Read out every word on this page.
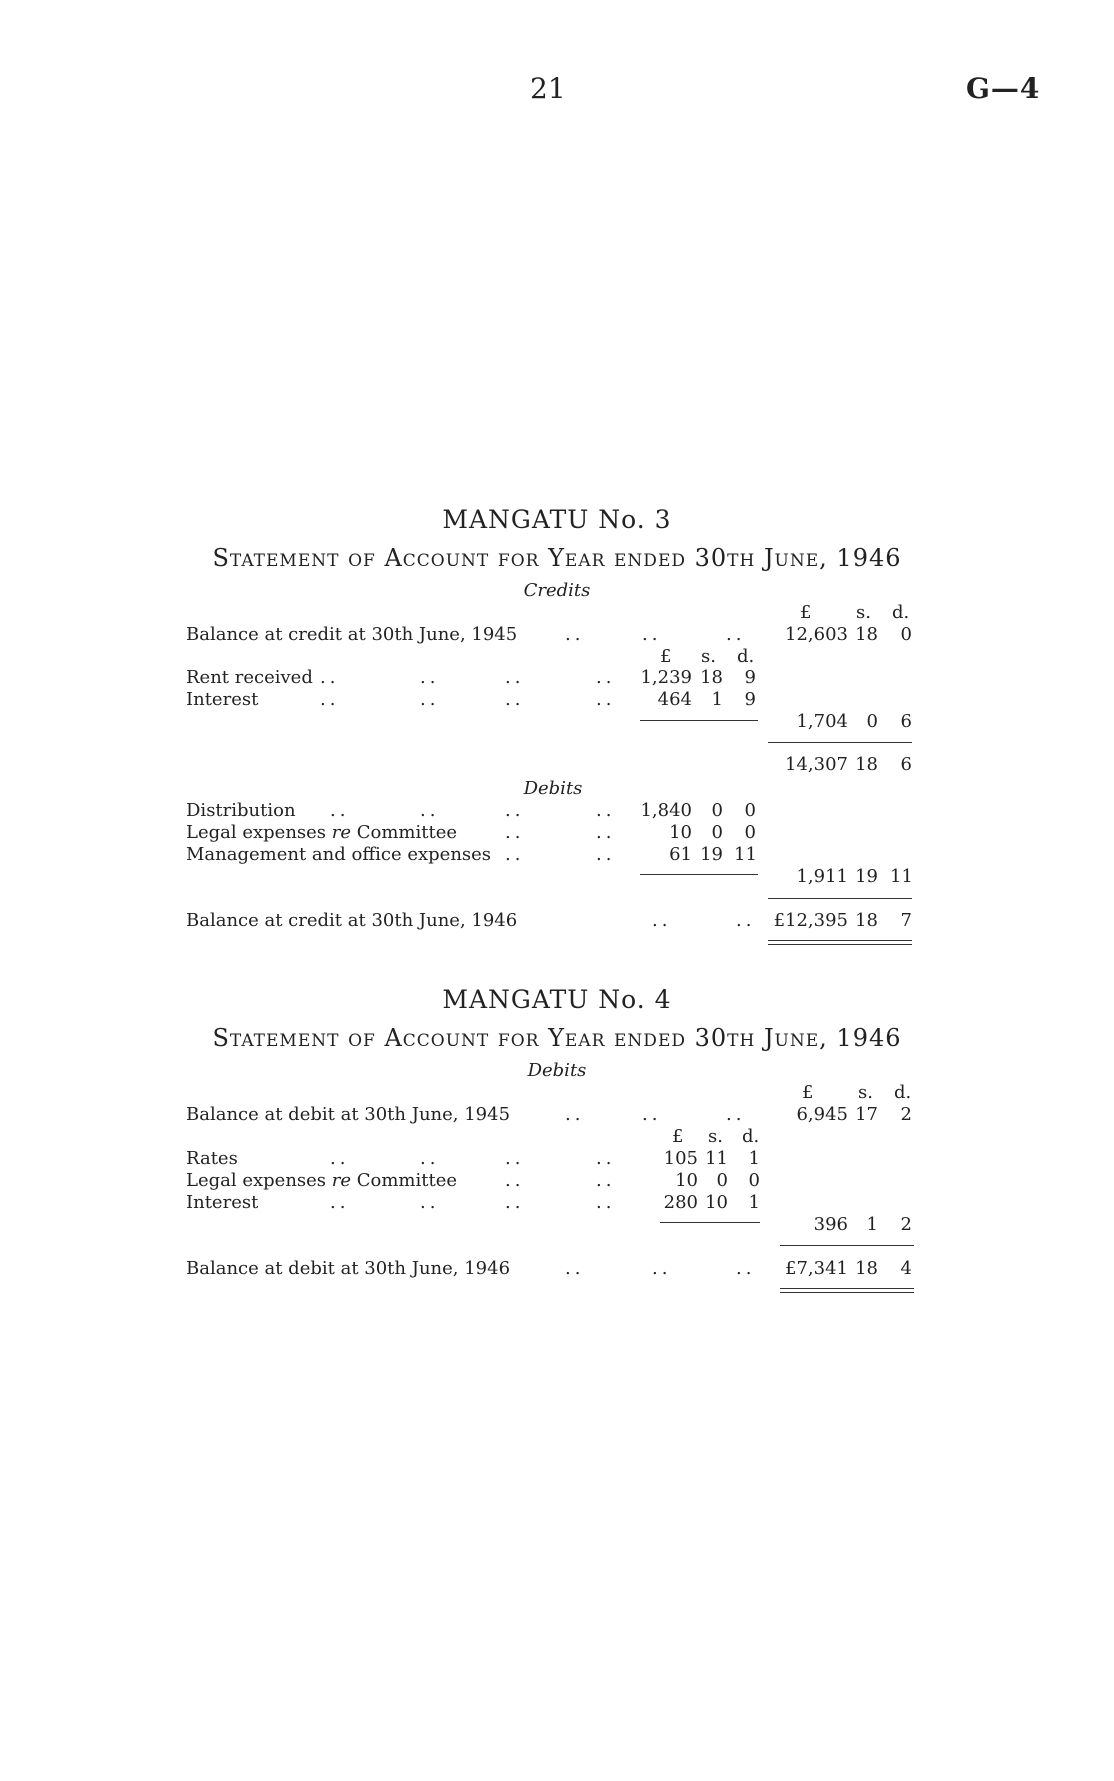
21	G—4
MANGATU No. 3
Statement of Account for Year ended 30th June, 1946
Credits
£ s. d.
Balance at credit at 30th June, 1945	..	..	..	12,603 18	0
£ s. d.
Rent received ..	..	..	..	1,239 18	9
Interest	..	..	..	..	464	1	9
1,704	0	6
14,307 18	6
Debits
Distribution ..	..	..	..	1,840	0	0
Legal expenses re Committee	..	..	10	0	0
Management and office expenses ..	..	61 19 11
1,911 19 11
Balance at credit at 30th June, 1946	..	..	£12,395 18	7
MANGATU No. 4
Statement of Account for Year ended 30th June, 1946
Debits
£ s. d.
Balance at debit at 30th June, 1945	..	..	..	6,945 17	2
£ s. d.
Rates	..	..	..	..	105 11	1
Legal expenses re Committee	..	..	10	0	0
Interest	..	..	..	..	280 10	1
396	1	2
Balance at debit at 30th June, 1946	..	..	..	£7,341 18	4
